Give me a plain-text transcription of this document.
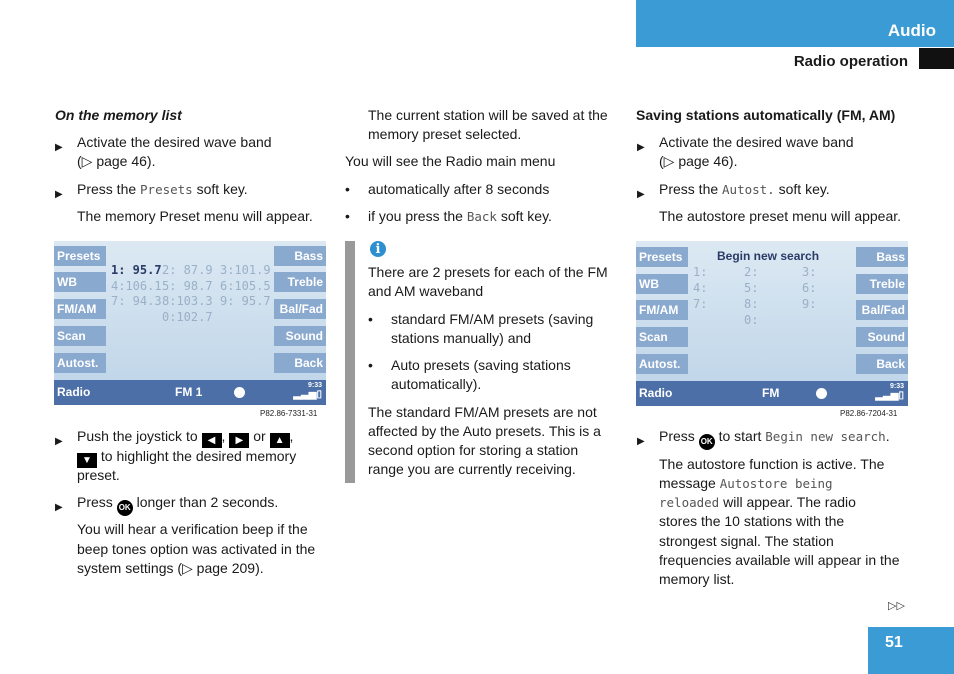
Audio
Radio operation
On the memory list
▶ Activate the desired wave band
(▷ page 46).
▶ Press the Presets soft key.
The memory Preset menu will appear.
Presets
WB
FM/AM
Scan
Autost.
Bass
Treble
Bal/Fad
Sound
Back
1: 95.7 2: 87.9 3:101.9
4:106.1 5: 98.7 6:105.5
7: 94.3 8:103.3 9: 95.7
0:102.7
Radio	FM 1	9:33
▂▃▅▯
P82.86-7331-31
▶ Push the joystick to ◀ , ▶ or ▲ ,
▼ to highlight the desired memory
preset.
▶ Press OK longer than 2 seconds.
You will hear a verification beep if the
beep tones option was activated in the
system settings (▷ page 209).
The current station will be saved at the
memory preset selected.
You will see the Radio main menu
• automatically after 8 seconds
• if you press the Back soft key.
i
There are 2 presets for each of the FM
and AM waveband
• standard FM/AM presets (saving
stations manually) and
• Auto presets (saving stations
automatically).
The standard FM/AM presets are not
affected by the Auto presets. This is a
second option for storing a station
range you are currently receiving.
Saving stations automatically (FM, AM)
▶ Activate the desired wave band
(▷ page 46).
▶ Press the Autost. soft key.
The autostore preset menu will appear.
Presets
WB
FM/AM
Scan
Autost.
Bass
Treble
Bal/Fad
Sound
Back
Begin new search
1:	2:	3:
4:	5:	6:
7:	8:	9:
0:
Radio	FM	9:33
▂▃▅▯
P82.86-7204-31
▶ Press OK to start Begin new search.
The autostore function is active. The
message Autostore being
reloaded will appear. The radio
stores the 10 stations with the
strongest signal. The station
frequencies available will appear in the
memory list.
▷▷
51
